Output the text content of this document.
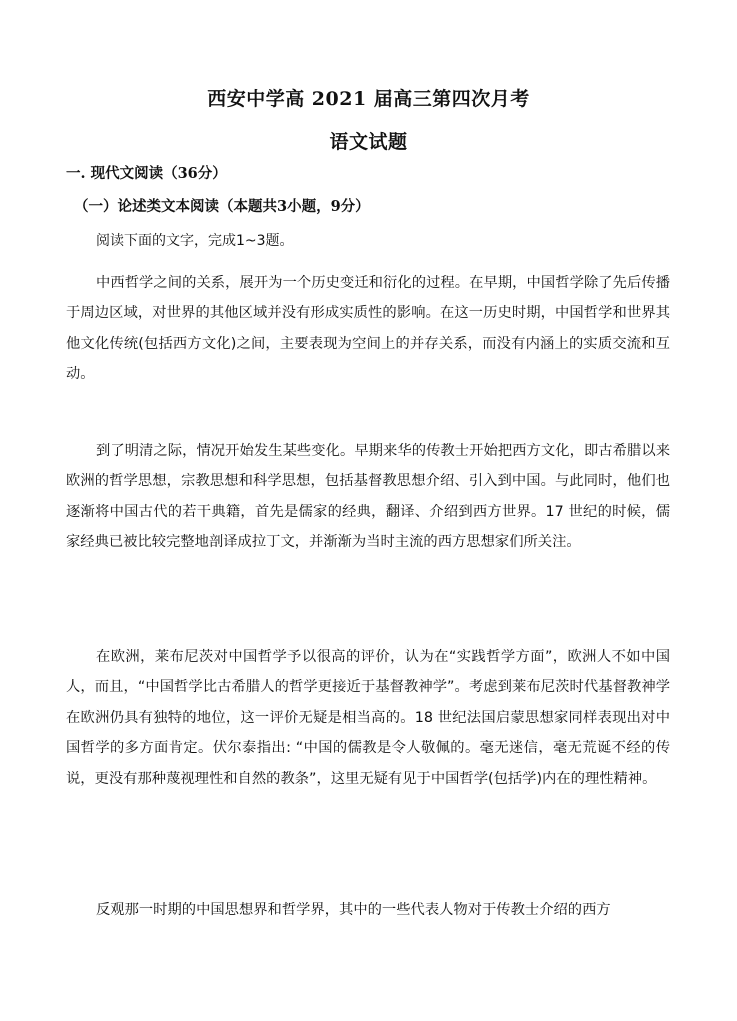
西安中学高 2021 届高三第四次月考
语文试题
一. 现代文阅读（36分）
（一）论述类文本阅读（本题共3小题，9分）
阅读下面的文字，完成1~3题。

中西哲学之间的关系，展开为一个历史变迁和衍化的过程。在早期，中国哲学除了先后传播于周边区域，对世界的其他区域并没有形成实质性的影响。在这一历史时期，中国哲学和世界其他文化传统(包括西方文化)之间，主要表现为空间上的并存关系，而没有内涵上的实质交流和互动。

到了明清之际，情况开始发生某些变化。早期来华的传教士开始把西方文化，即古希腊以来欧洲的哲学思想，宗教思想和科学思想，包括基督教思想介绍、引入到中国。与此同时，他们也逐渐将中国古代的若干典籍，首先是儒家的经典，翻译、介绍到西方世界。17 世纪的时候，儒家经典已被比较完整地剖译成拉丁文，并渐渐为当时主流的西方思想家们所关注。

在欧洲，莱布尼茨对中国哲学予以很高的评价，认为在“实践哲学方面”，欧洲人不如中国人，而且，“中国哲学比古希腊人的哲学更接近于基督教神学”。考虑到莱布尼茨时代基督教神学在欧洲仍具有独特的地位，这一评价无疑是相当高的。18 世纪法国启蒙思想家同样表现出对中国哲学的多方面肯定。伏尔泰指出: “中国的儒教是令人敬佩的。毫无迷信，毫无荒诞不经的传说，更没有那种蔑视理性和自然的教条”，这里无疑有见于中国哲学(包括学)内在的理性精神。

反观那一时期的中国思想界和哲学界，其中的一些代表人物对于传教士介绍的西方
